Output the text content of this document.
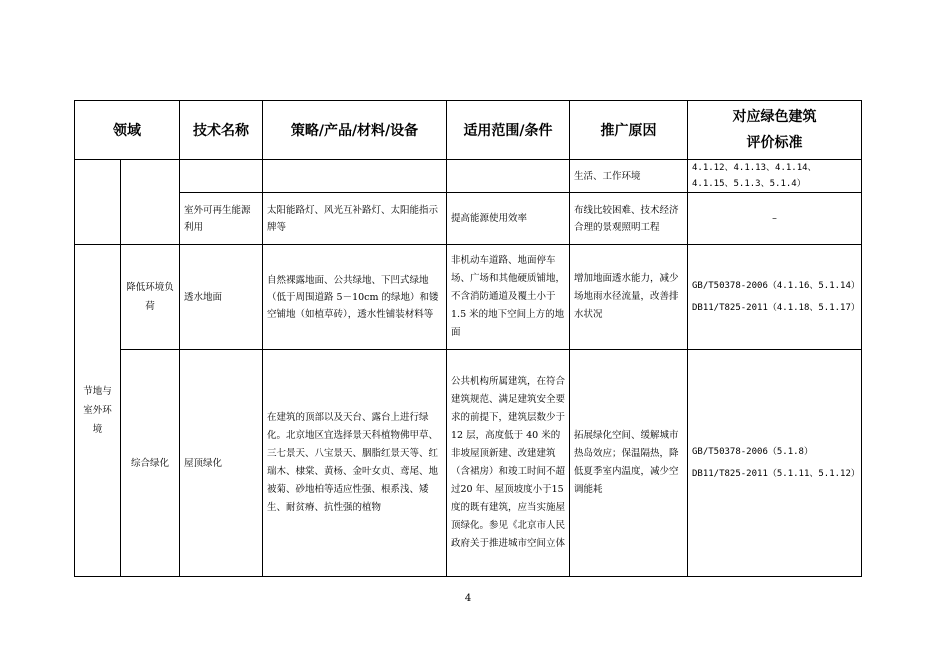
领域		技术名称	策略/产品/材料/设备	适用范围/条件	推广原因	对应绿色建筑
评价标准

					生活、工作环境	4.1.12、4.1.13、4.1.14、
4.1.15、5.1.3、5.1.4）

		室外可再生能源利用	太阳能路灯、风光互补路灯、太阳能指示牌等	提高能源使用效率	布线比较困难、技术经济合理的景观照明工程	–
节地与室外环境	降低环境负荷	透水地面	自然裸露地面、公共绿地、下凹式绿地（低于周围道路 5－10cm 的绿地）和镂空铺地（如植草砖），透水性铺装材料等	非机动车道路、地面停车场、广场和其他硬质铺地，不含消防通道及覆土小于 1.5 米的地下空间上方的地面	增加地面透水能力，减少场地雨水径流量，改善排水状况	GB/T50378-2006（4.1.16、5.1.14）
DB11/T825-2011（4.1.18、5.1.17）

	综合绿化	屋顶绿化	在建筑的顶部以及天台、露台上进行绿化。北京地区宜选择景天科植物佛甲草、三七景天、八宝景天、胭脂红景天等、红瑞木、棣棠、黄杨、金叶女贞、鸢尾、地被菊、砂地柏等适应性强、根系浅、矮生、耐贫瘠、抗性强的植物	公共机构所属建筑，在符合建筑规范、满足建筑安全要求的前提下，建筑层数少于 12 层，高度低于 40 米的非坡屋顶新建、改建建筑（含裙房）和竣工时间不超过20 年、屋顶坡度小于15 度的既有建筑，应当实施屋顶绿化。参见《北京市人民政府关于推进城市空间立体	拓展绿化空间、缓解城市热岛效应；保温隔热，降低夏季室内温度，减少空调能耗	GB/T50378-2006（5.1.8）
DB11/T825-2011（5.1.11、5.1.12）
4
